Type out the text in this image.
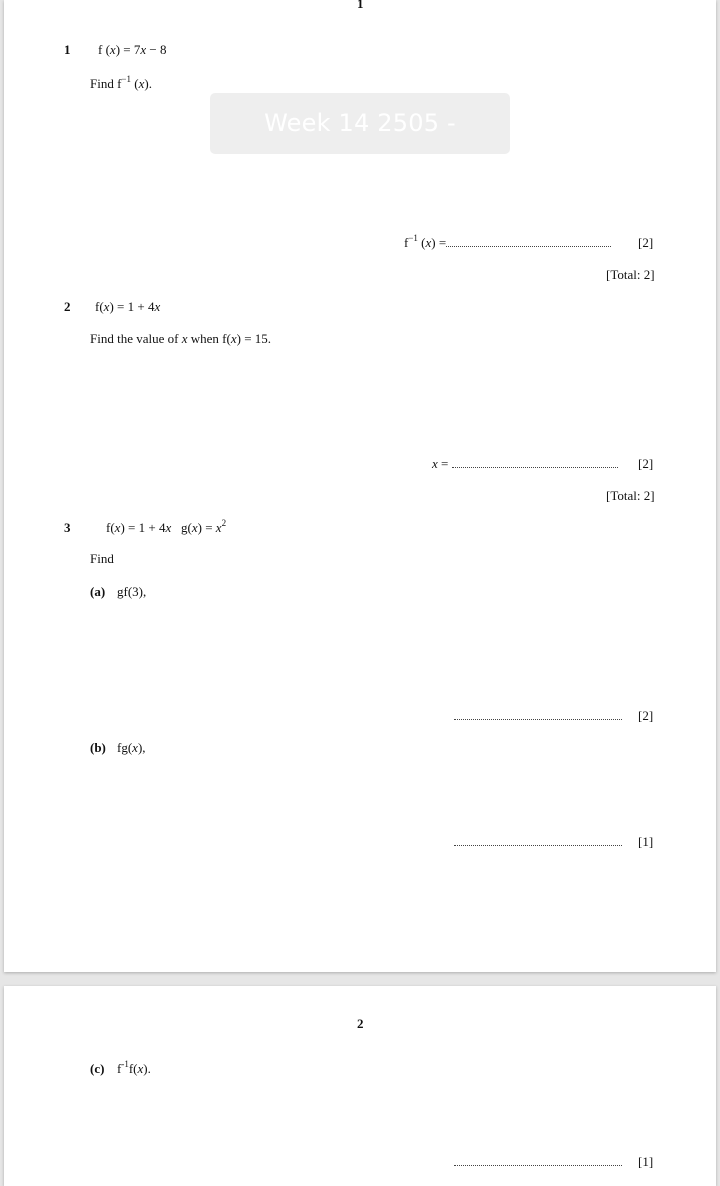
1
Week 14 2505 - 3105.pdf
1 f (x) = 7x − 8
Find $f^{-1}$ (x).
$f^{-1}$ (x) =	[2]
[Total: 2]
2 f(x) = 1 + 4x
Find the value of x when f(x) = 15.
x =	[2]
[Total: 2]
3	f(x) = 1 + 4x $g(x) = x^2$
Find
(a) gf(3),
[2]
(b) fg(x),
[1]
2
(c) $f^{-1}f(x)$.
[1]
